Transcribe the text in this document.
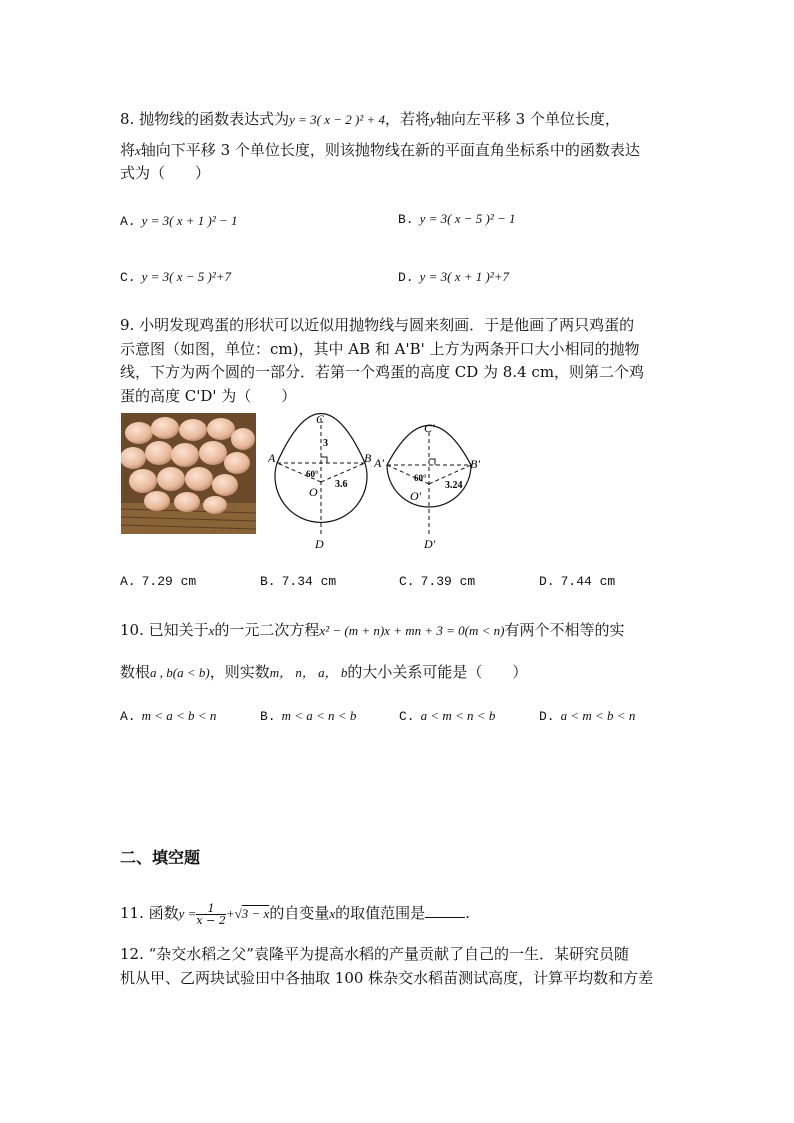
8. 抛物线的函数表达式为y = 3( x − 2 )² + 4，若将y轴向左平移 3 个单位长度，
将x轴向下平移 3 个单位长度，则该抛物线在新的平面直角坐标系中的函数表达
式为（　　）
A. y = 3( x + 1 )² − 1	B. y = 3( x − 5 )² − 1
C. y = 3( x − 5 )²+7	D. y = 3( x + 1 )²+7
9. 小明发现鸡蛋的形状可以近似用抛物线与圆来刻画．于是他画了两只鸡蛋的
示意图（如图，单位：cm)，其中 AB 和 A'B' 上方为两条开口大小相同的抛物
线，下方为两个圆的一部分．若第一个鸡蛋的高度 CD 为 8.4 cm，则第二个鸡
蛋的高度 C'D' 为（　　）
C
A	B
O
D
3
3.6
60°
C'
A'	B'
O'
D'
3.24
60°
A. 7.29 cm	B. 7.34 cm	C. 7.39 cm	D. 7.44 cm
10. 已知关于x的一元二次方程x² − (m + n)x + mn + 3 = 0(m < n)有两个不相等的实
数根a , b(a < b)，则实数m， n， a， b的大小关系可能是（　　）
A. m < a < b < n	B. m < a < n < b	C. a < m < n < b	D. a < m < b < n
二、填空题
11. 函数$y = \frac{1}{x - 2} +√3 - x$的自变量x的取值范围是	.
12. “杂交水稻之父”袁隆平为提高水稻的产量贡献了自己的一生．某研究员随
机从甲、乙两块试验田中各抽取 100 株杂交水稻苗测试高度，计算平均数和方差
